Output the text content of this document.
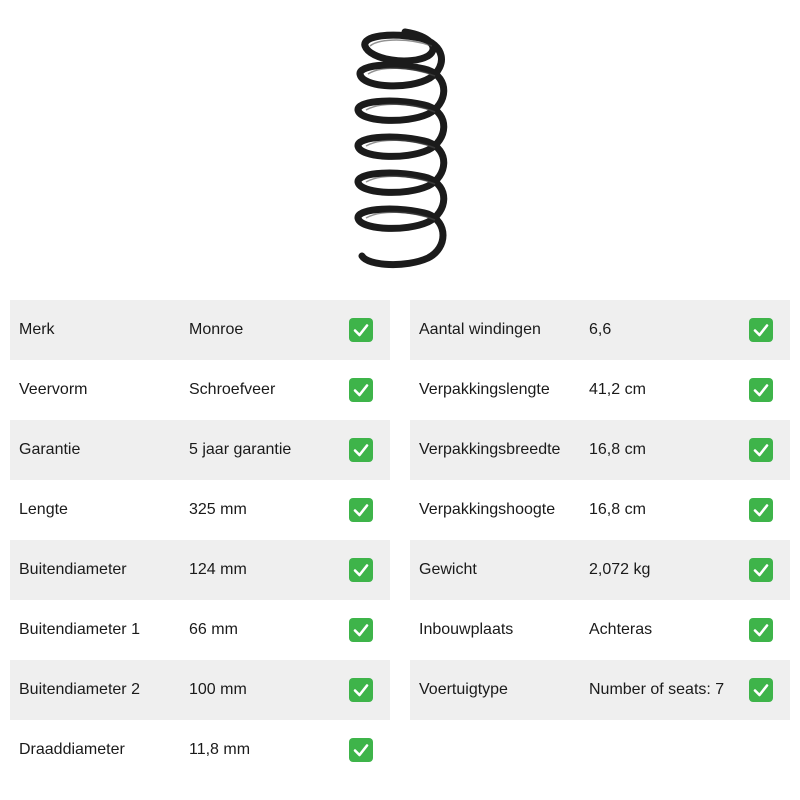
Merk	Monroe
Veervorm	Schroefveer
Garantie	5 jaar garantie
Lengte	325 mm
Buitendiameter	124 mm
Buitendiameter 1	66 mm
Buitendiameter 2	100 mm
Draaddiameter	11,8 mm
Aantal windingen	6,6
Verpakkingslengte 41,2 cm
Verpakkingsbreedte 16,8 cm
Verpakkingshoogte 16,8 cm
Gewicht	2,072 kg
Inbouwplaats	Achteras
Voertuigtype	Number of seats: 7
